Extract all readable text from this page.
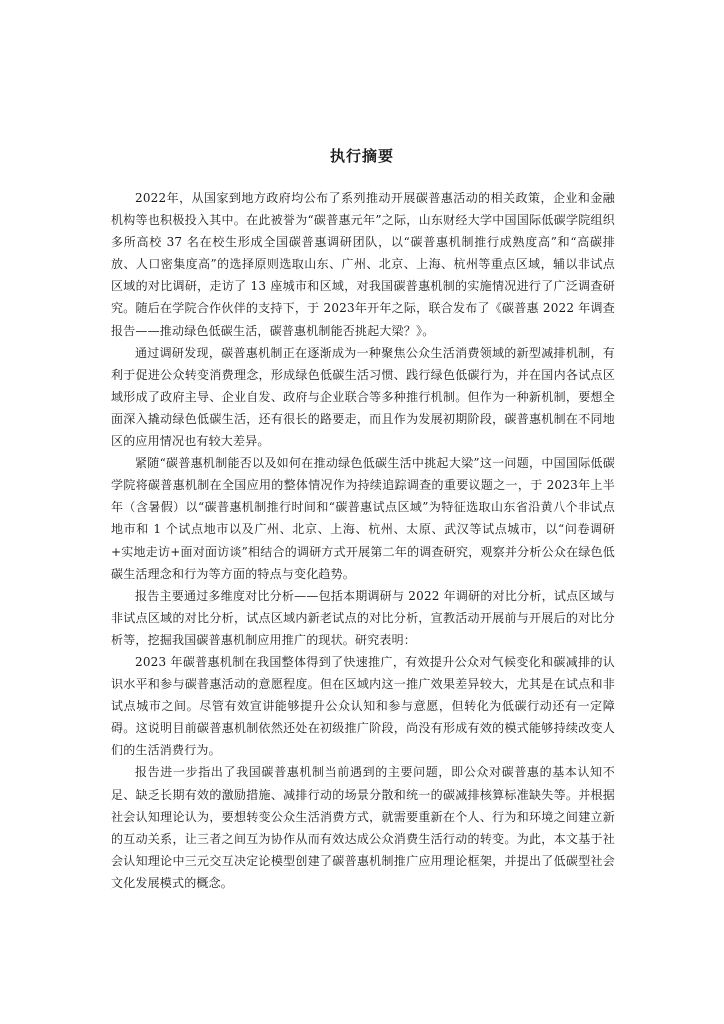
执行摘要

2022年，从国家到地方政府均公布了系列推动开展碳普惠活动的相关政策，企业和金融机构等也积极投入其中。在此被誉为“碳普惠元年”之际，山东财经大学中国国际低碳学院组织多所高校 37 名在校生形成全国碳普惠调研团队，以“碳普惠机制推行成熟度高”和“高碳排放、人口密集度高”的选择原则选取山东、广州、北京、上海、杭州等重点区域，辅以非试点区域的对比调研，走访了 13 座城市和区域，对我国碳普惠机制的实施情况进行了广泛调查研究。随后在学院合作伙伴的支持下，于 2023年开年之际，联合发布了《碳普惠 2022 年调查报告——推动绿色低碳生活，碳普惠机制能否挑起大梁？》。

通过调研发现，碳普惠机制正在逐渐成为一种聚焦公众生活消费领域的新型减排机制，有利于促进公众转变消费理念，形成绿色低碳生活习惯、践行绿色低碳行为，并在国内各试点区域形成了政府主导、企业自发、政府与企业联合等多种推行机制。但作为一种新机制，要想全面深入撬动绿色低碳生活，还有很长的路要走，而且作为发展初期阶段，碳普惠机制在不同地区的应用情况也有较大差异。

紧随“碳普惠机制能否以及如何在推动绿色低碳生活中挑起大梁”这一问题，中国国际低碳学院将碳普惠机制在全国应用的整体情况作为持续追踪调查的重要议题之一，于 2023年上半年（含暑假）以“碳普惠机制推行时间和“碳普惠试点区域”为特征选取山东省沿黄八个非试点地市和 1 个试点地市以及广州、北京、上海、杭州、太原、武汉等试点城市，以“问卷调研+实地走访+面对面访谈”相结合的调研方式开展第二年的调查研究，观察并分析公众在绿色低碳生活理念和行为等方面的特点与变化趋势。

报告主要通过多维度对比分析——包括本期调研与 2022 年调研的对比分析，试点区域与非试点区域的对比分析，试点区域内新老试点的对比分析，宣教活动开展前与开展后的对比分析等，挖掘我国碳普惠机制应用推广的现状。研究表明：

2023 年碳普惠机制在我国整体得到了快速推广，有效提升公众对气候变化和碳减排的认识水平和参与碳普惠活动的意愿程度。但在区域内这一推广效果差异较大，尤其是在试点和非试点城市之间。尽管有效宣讲能够提升公众认知和参与意愿，但转化为低碳行动还有一定障碍。这说明目前碳普惠机制依然还处在初级推广阶段，尚没有形成有效的模式能够持续改变人们的生活消费行为。

报告进一步指出了我国碳普惠机制当前遇到的主要问题，即公众对碳普惠的基本认知不足、缺乏长期有效的激励措施、减排行动的场景分散和统一的碳减排核算标准缺失等。并根据社会认知理论认为，要想转变公众生活消费方式，就需要重新在个人、行为和环境之间建立新的互动关系，让三者之间互为协作从而有效达成公众消费生活行动的转变。为此，本文基于社会认知理论中三元交互决定论模型创建了碳普惠机制推广应用理论框架，并提出了低碳型社会文化发展模式的概念。
